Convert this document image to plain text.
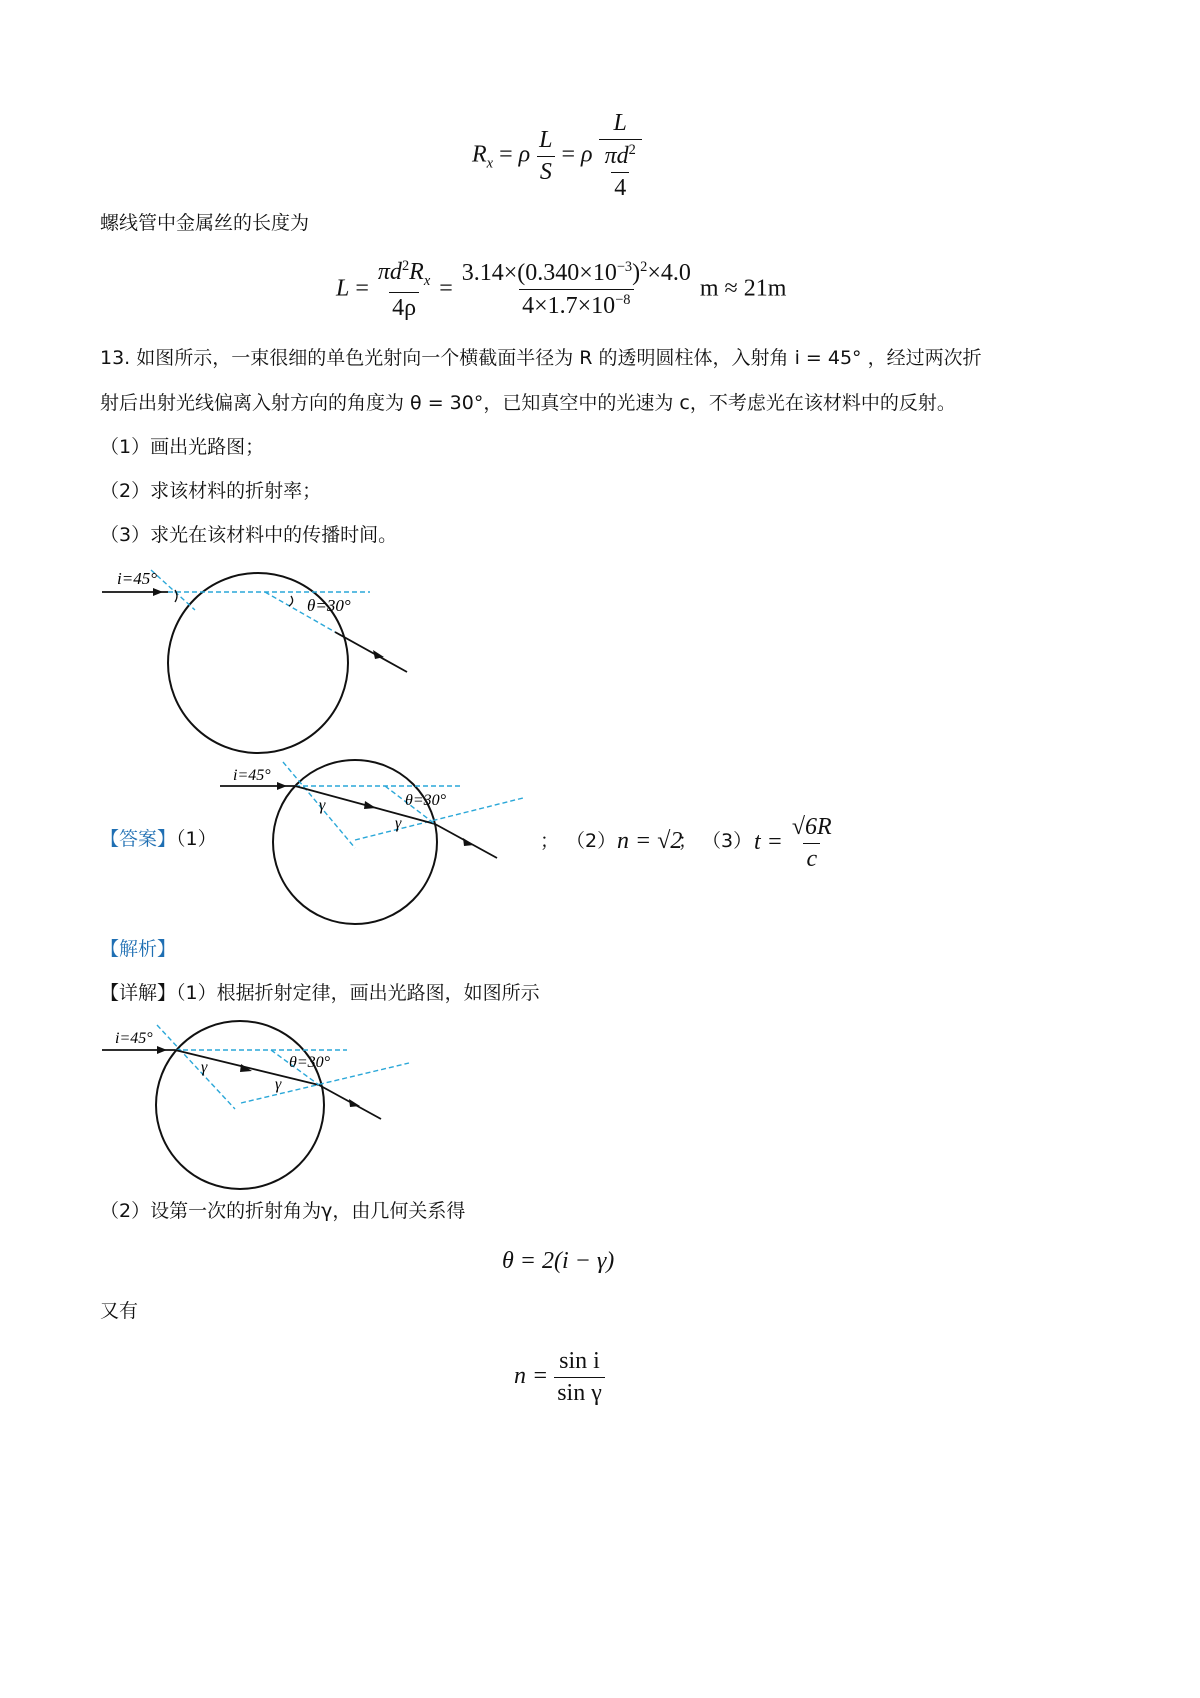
$R_x = \rho \frac{L}{S} = \rho \frac{L}{\frac{\pi d^2}{4}}$
螺线管中金属丝的长度为
$L = \frac{\pi d^2R_x}{4\rho} = \frac{3.14\times(0.340\times 10^{-3})^2\times 4.0}{4\times 1.7\times 10^{-8}}$ m ≈ 21m
13. 如图所示，一束很细的单色光射向一个横截面半径为 R 的透明圆柱体，入射角 i = 45° ，经过两次折
射后出射光线偏离入射方向的角度为 θ = 30°，已知真空中的光速为 c，不考虑光在该材料中的反射。
（1）画出光路图；
（2）求该材料的折射率；
（3）求光在该材料中的传播时间。
i=45°
θ=30°
【答案】（1）
i=45°
θ=30°
γ
γ
； （2） n = √2
； （3） $t = \frac{√6R}{c}$
【解析】
【详解】（1）根据折射定律，画出光路图，如图所示
i=45°
θ=30°
γ
γ
（2）设第一次的折射角为γ，由几何关系得
θ = 2(i − γ)
又有
$n = \frac{\text{sin i}}{\text{sin γ}}$
